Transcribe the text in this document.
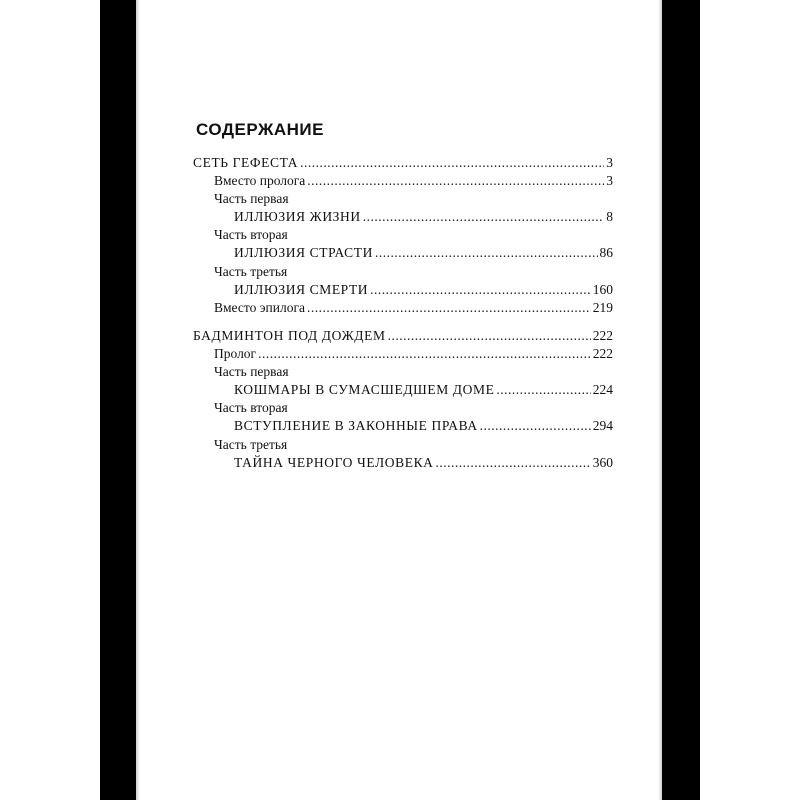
СОДЕРЖАНИЕ
СЕТЬ ГЕФЕСТА .....	3
Вместо пролога .....	3
Часть первая
ИЛЛЮЗИЯ ЖИЗНИ .....	8
Часть вторая
ИЛЛЮЗИЯ СТРАСТИ .....	86
Часть третья
ИЛЛЮЗИЯ СМЕРТИ .....	160
Вместо эпилога .....	219
БАДМИНТОН ПОД ДОЖДЕМ .....	222
Пролог .....	222
Часть первая
КОШМАРЫ В СУМАСШЕДШЕМ ДОМЕ .....	224
Часть вторая
ВСТУПЛЕНИЕ В ЗАКОННЫЕ ПРАВА .....	294
Часть третья
ТАЙНА ЧЕРНОГО ЧЕЛОВЕКА .....	360
